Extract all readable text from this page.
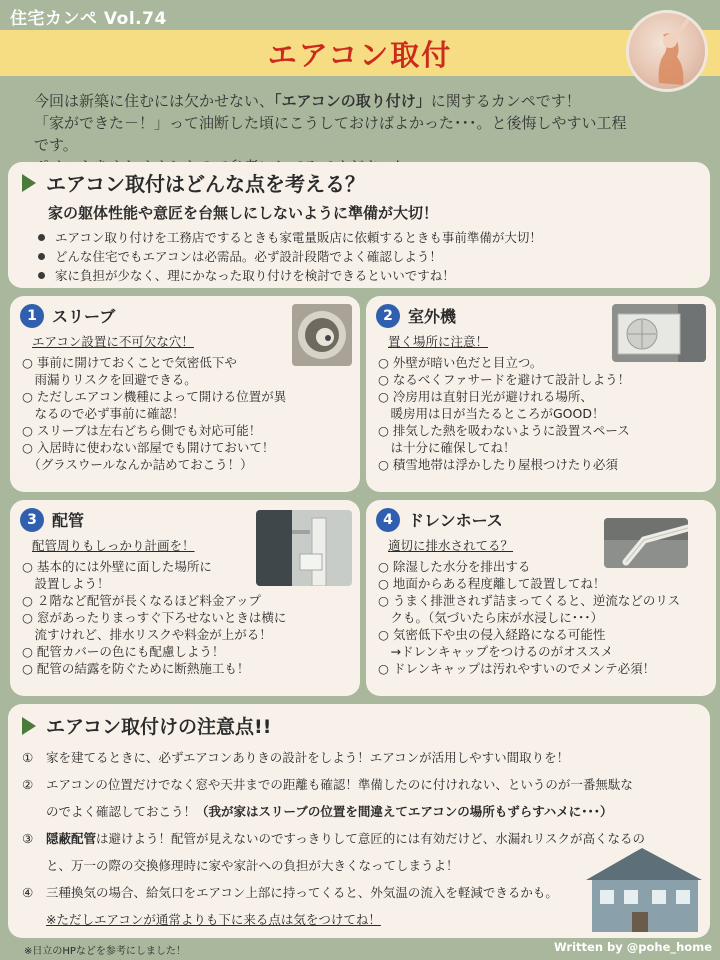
住宅カンペ Vol.74
エアコン取付
今回は新築に住むには欠かせない、「エアコンの取り付け」に関するカンペです！
「家ができた－！」って油断した頃にこうしておけばよかった･･･。と後悔しやすい工程です。
エアコン取付はどんな点を考える？
家の躯体性能や意匠を台無しにしないように準備が大切！
エアコン取り付けを工務店でするときも家電量販店に依頼するときも事前準備が大切！
どんな住宅でもエアコンは必需品。必ず設計段階でよく確認しよう！
家に負担が少なく、理にかなった取り付けを検討できるといいですね！
1 スリーブ
エアコン設置に不可欠な穴！

○ 事前に開けておくことで気密低下や

　雨漏りリスクを回避できる。

○ ただしエアコン機種によって開ける位置が異

　なるので必ず事前に確認！

○ スリーブは左右どちら側でも対応可能！

○ 入居時に使わない部屋でも開けておいて！

　（グラスウールなんか詰めておこう！）

2 室外機
置く場所に注意！

○ 外壁が暗い色だと目立つ。

○ なるべくファサードを避けて設計しよう！

○ 冷房用は直射日光が避けれる場所、

　暖房用は日が当たるところがGOOD！

○ 排気した熱を吸わないように設置スペース

　は十分に確保してね！

○ 積雪地帯は浮かしたり屋根つけたり必須

3 配管
配管周りもしっかり計画を！

○ 基本的には外壁に面した場所に

　設置しよう！

○ ２階など配管が長くなるほど料金アップ

○ 窓があったりまっすぐ下ろせないときは横に

　流すけれど、排水リスクや料金が上がる！

○ 配管カバーの色にも配慮しよう！

○ 配管の結露を防ぐために断熱施工も！

4 ドレンホース
適切に排水されてる？

○ 除湿した水分を排出する

○ 地面からある程度離して設置してね！

○ うまく排泄されず詰まってくると、逆流などのリス

　クも。（気づいたら床が水浸しに･･･）

○ 気密低下や虫の侵入経路になる可能性

　→ドレンキャップをつけるのがオススメ

○ ドレンキャップは汚れやすいのでメンテ必須！

エアコン取付けの注意点!!
①	家を建てるときに、必ずエアコンありきの設計をしよう！エアコンが活用しやすい間取りを！
②	エアコンの位置だけでなく窓や天井までの距離も確認！準備したのに付けれない、というのが一番無駄な
のでよく確認しておこう！（我が家はスリーブの位置を間違えてエアコンの場所もずらすハメに･･･）
③	隠蔽配管は避けよう！配管が見えないのですっきりして意匠的には有効だけど、水漏れリスクが高くなるの
と、万一の際の交換修理時に家や家計への負担が大きくなってしまうよ！
④	三種換気の場合、給気口をエアコン上部に持ってくると、外気温の流入を軽減できるかも。
※ただしエアコンが通常よりも下に来る点は気をつけてね！
※日立のHPなどを参考にしました！	Written by @pohe_home
